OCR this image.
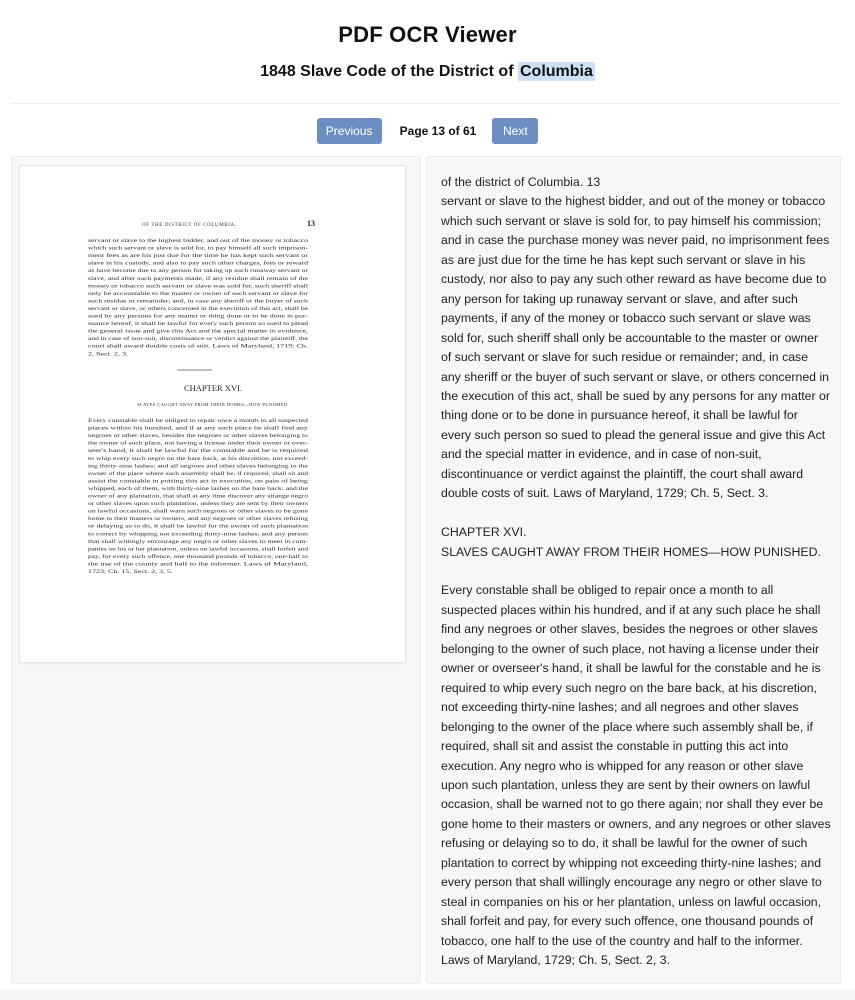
PDF OCR Viewer
1848 Slave Code of the District of Columbia
Previous	Page 13 of 61	Next
OF THE DISTRICT OF COLUMBIA.	13
CHAPTER XVI.
SLAVES CAUGHT AWAY FROM THEIR HOMES—HOW PUNISHED.
servant or slave to the highest bidder, and out of the money or tobacco
which such servant or slave is sold for, to pay himself all such imprison-
ment fees as are his just due for the time he has kept such servant or
slave in his custody, and also to pay such other charges, fees or reward
as have become due to any person for taking up such runaway servant or
slave, and after such payments made, if any residue shall remain of the
money or tobacco such servant or slave was sold for, such sheriff shall
only be accountable to the master or owner of such servant or slave for
such residue or remainder; and, in case any sheriff or the buyer of such
servant or slave, or others concerned in the execution of this act, shall be
sued by any persons for any matter or thing done or to be done in pur-
suance hereof, it shall be lawful for every such person so sued to plead
the general issue and give this Act and the special matter in evidence,
and in case of non-suit, discontinuance or verdict against the plaintiff, the
court shall award double costs of suit. Laws of Maryland, 1719; Ch.
2, Sect. 2, 3.
Every constable shall be obliged to repair once a month to all suspected
places within his hundred, and if at any such place he shall find any
negroes or other slaves, besides the negroes or other slaves belonging to
the owner of such place, not having a license under their owner or over-
seer's hand, it shall be lawful for the constable and he is required
to whip every such negro on the bare back, at his discretion, not exceed-
ing thirty-nine lashes; and all negroes and other slaves belonging to the
owner of the place where such assembly shall be, if required, shall sit and
assist the constable in putting this act in execution, on pain of being
whipped, each of them, with thirty-nine lashes on the bare back: and the
owner of any plantation, that shall at any time discover any strange negro
or other slaves upon such plantation, unless they are sent by their owners
on lawful occasions, shall warn such negroes or other slaves to be gone
home to their masters or owners, and any negroes or other slaves refusing
or delaying so to do, it shall be lawful for the owner of such plantation
to correct by whipping not exceeding thirty-nine lashes; and any person
that shall wittingly encourage any negro or other slaves to meet in com-
panies on his or her plantation, unless on lawful occasions, shall forfeit and
pay, for every such offence, one thousand pounds of tobacco, one-half to
the use of the county and half to the informer. Laws of Maryland,
1723; Ch. 15, Sect. 2, 3, 5.
of the district of Columbia. 13
servant or slave to the highest bidder, and out of the money or tobacco
which such servant or slave is sold for, to pay himself his commission;
and in case the purchase money was never paid, no imprisonment fees
as are just due for the time he has kept such servant or slave in his
custody, nor also to pay any such other reward as have become due to
any person for taking up runaway servant or slave, and after such
payments, if any of the money or tobacco such servant or slave was
sold for, such sheriff shall only be accountable to the master or owner
of such servant or slave for such residue or remainder; and, in case
any sheriff or the buyer of such servant or slave, or others concerned in
the execution of this act, shall be sued by any persons for any matter or
thing done or to be done in pursuance hereof, it shall be lawful for
every such person so sued to plead the general issue and give this Act
and the special matter in evidence, and in case of non-suit,
discontinuance or verdict against the plaintiff, the court shall award
double costs of suit. Laws of Maryland, 1729; Ch. 5, Sect. 3.
CHAPTER XVI.
SLAVES CAUGHT AWAY FROM THEIR HOMES—HOW PUNISHED.
Every constable shall be obliged to repair once a month to all
suspected places within his hundred, and if at any such place he shall
find any negroes or other slaves, besides the negroes or other slaves
belonging to the owner of such place, not having a license under their
owner or overseer's hand, it shall be lawful for the constable and he is
required to whip every such negro on the bare back, at his discretion,
not exceeding thirty-nine lashes; and all negroes and other slaves
belonging to the owner of the place where such assembly shall be, if
required, shall sit and assist the constable in putting this act into
execution. Any negro who is whipped for any reason or other slave
upon such plantation, unless they are sent by their owners on lawful
occasion, shall be warned not to go there again; nor shall they ever be
gone home to their masters or owners, and any negroes or other slaves
refusing or delaying so to do, it shall be lawful for the owner of such
plantation to correct by whipping not exceeding thirty-nine lashes; and
every person that shall willingly encourage any negro or other slave to
steal in companies on his or her plantation, unless on lawful occasion,
shall forfeit and pay, for every such offence, one thousand pounds of
tobacco, one half to the use of the country and half to the informer.
Laws of Maryland, 1729; Ch. 5, Sect. 2, 3.
